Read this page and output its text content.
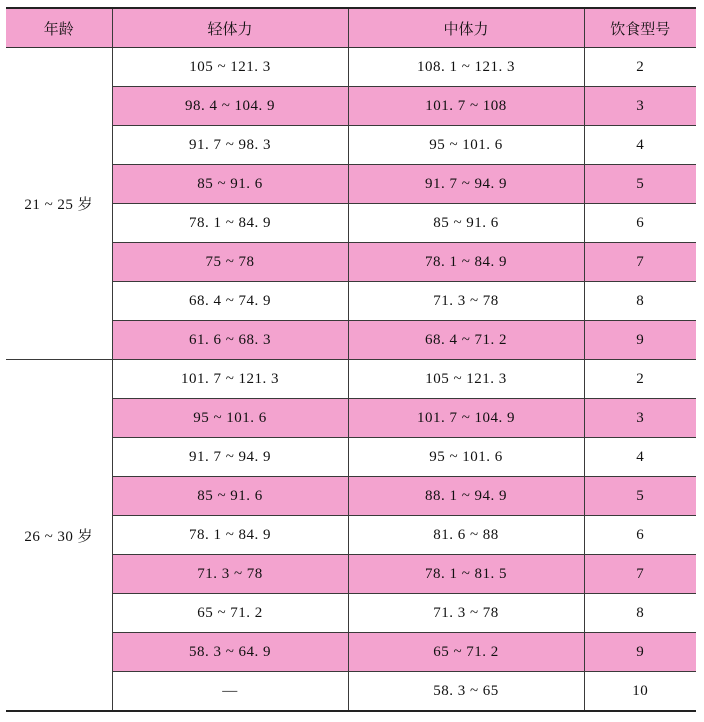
年龄	轻体力	中体力	饮食型号
21 ~ 25 岁	105 ~ 121. 3	108. 1 ~ 121. 3	2
	98. 4 ~ 104. 9	101. 7 ~ 108	3
	91. 7 ~ 98. 3	95 ~ 101. 6	4
	85 ~ 91. 6	91. 7 ~ 94. 9	5
	78. 1 ~ 84. 9	85 ~ 91. 6	6
	75 ~ 78	78. 1 ~ 84. 9	7
	68. 4 ~ 74. 9	71. 3 ~ 78	8
	61. 6 ~ 68. 3	68. 4 ~ 71. 2	9
26 ~ 30 岁	101. 7 ~ 121. 3	105 ~ 121. 3	2
	95 ~ 101. 6	101. 7 ~ 104. 9	3
	91. 7 ~ 94. 9	95 ~ 101. 6	4
	85 ~ 91. 6	88. 1 ~ 94. 9	5
	78. 1 ~ 84. 9	81. 6 ~ 88	6
	71. 3 ~ 78	78. 1 ~ 81. 5	7
	65 ~ 71. 2	71. 3 ~ 78	8
	58. 3 ~ 64. 9	65 ~ 71. 2	9
	—	58. 3 ~ 65	10
